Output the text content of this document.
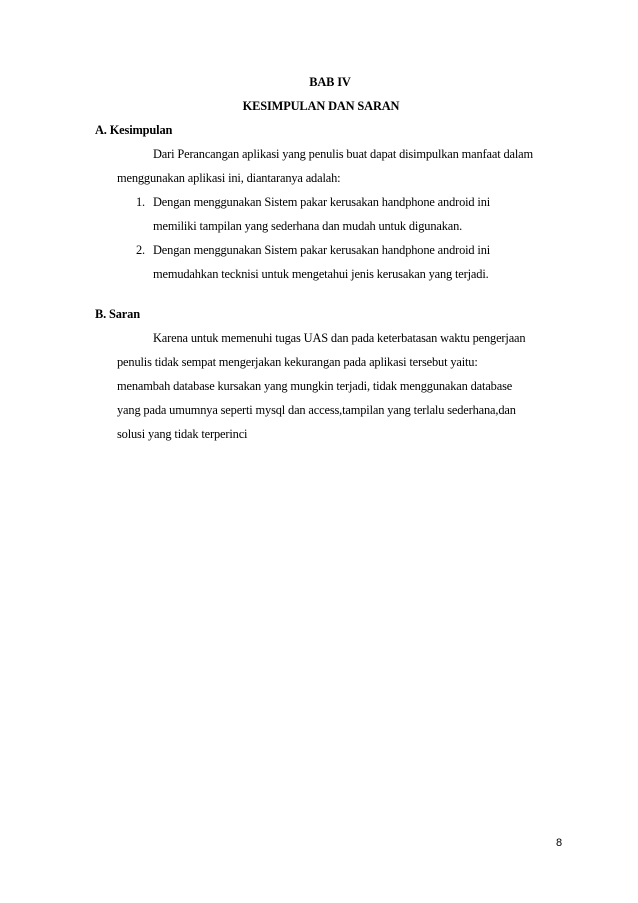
BAB IV
KESIMPULAN DAN SARAN
A. Kesimpulan
Dari Perancangan aplikasi yang penulis buat dapat disimpulkan manfaat dalam
menggunakan aplikasi ini, diantaranya adalah:
1. Dengan menggunakan Sistem pakar kerusakan handphone android ini
memiliki tampilan yang sederhana dan mudah untuk digunakan.
2. Dengan menggunakan Sistem pakar kerusakan handphone android ini
memudahkan tecknisi untuk mengetahui jenis kerusakan yang terjadi.
B. Saran
Karena untuk memenuhi tugas UAS dan pada keterbatasan waktu pengerjaan
penulis tidak sempat mengerjakan kekurangan pada aplikasi tersebut yaitu:
menambah database kursakan yang mungkin terjadi, tidak menggunakan database
yang pada umumnya seperti mysql dan access,tampilan yang terlalu sederhana,dan
solusi yang tidak terperinci
8
